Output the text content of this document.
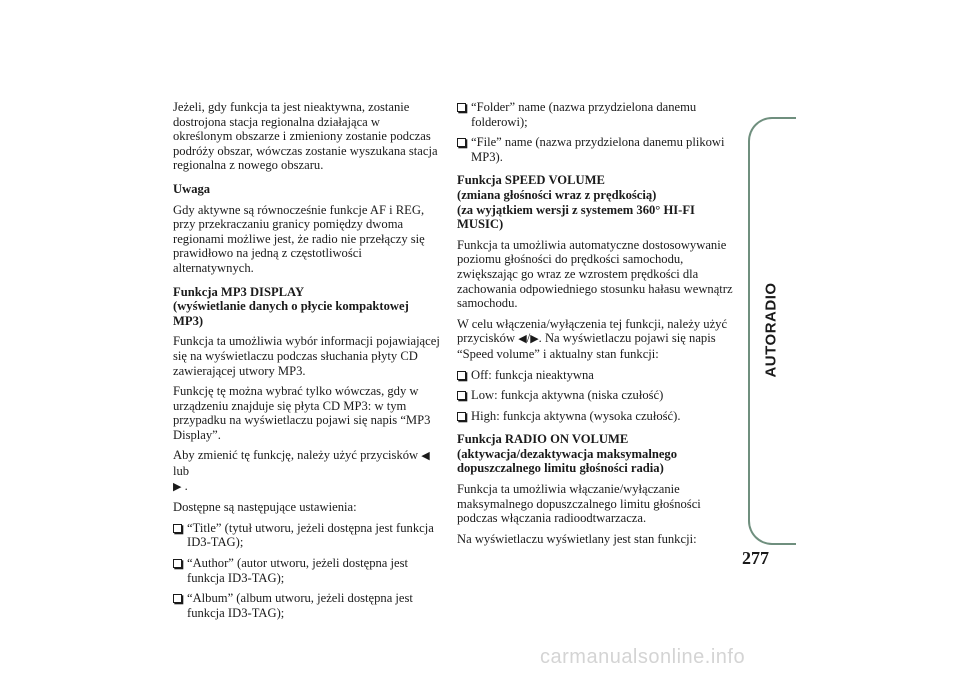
Jeżeli, gdy funkcja ta jest nieaktywna, zostanie dostrojona stacja regionalna działająca w określonym obszarze i zmieniony zostanie podczas podróży obszar, wówczas zostanie wyszukana stacja regionalna z nowego obszaru.

Uwaga

Gdy aktywne są równocześnie funkcje AF i REG, przy przekraczaniu granicy pomiędzy dwoma regionami możliwe jest, że radio nie przełączy się prawidłowo na jedną z częstotliwości alternatywnych.

Funkcja MP3 DISPLAY
(wyświetlanie danych o płycie kompaktowej MP3)

Funkcja ta umożliwia wybór informacji pojawiającej się na wyświetlaczu podczas słuchania płyty CD zawierającej utwory MP3.

Funkcję tę można wybrać tylko wówczas, gdy w urządzeniu znajduje się płyta CD MP3: w tym przypadku na wyświetlaczu pojawi się napis “MP3 Display”.

Aby zmienić tę funkcję, należy użyć przycisków ◀lub
▶ .

Dostępne są następujące ustawienia:

“Title” (tytuł utworu, jeżeli dostępna jest funkcja ID3-TAG);
“Author” (autor utworu, jeżeli dostępna jest funkcja ID3-TAG);
“Album” (album utworu, jeżeli dostępna jest funkcja ID3-TAG);
“Folder” name (nazwa przydzielona danemu folderowi);
“File” name (nazwa przydzielona danemu plikowi MP3).
Funkcja SPEED VOLUME
(zmiana głośności wraz z prędkością)
(za wyjątkiem wersji z systemem 360° HI-FI MUSIC)

Funkcja ta umożliwia automatyczne dostosowywanie poziomu głośności do prędkości samochodu, zwiększając go wraz ze wzrostem prędkości dla zachowania odpowiedniego stosunku hałasu wewnątrz samochodu.

W celu włączenia/wyłączenia tej funkcji, należy użyć przycisków ◀/▶. Na wyświetlaczu pojawi się napis “Speed volume” i aktualny stan funkcji:

Off: funkcja nieaktywna
Low: funkcja aktywna (niska czułość)
High: funkcja aktywna (wysoka czułość).
Funkcja RADIO ON VOLUME
(aktywacja/dezaktywacja maksymalnego dopuszczalnego limitu głośności radia)

Funkcja ta umożliwia włączanie/wyłączanie maksymalnego dopuszczalnego limitu głośności podczas włączania radioodtwarzacza.

Na wyświetlaczu wyświetlany jest stan funkcji:

AUTORADIO
277
carmanualsonline.info
